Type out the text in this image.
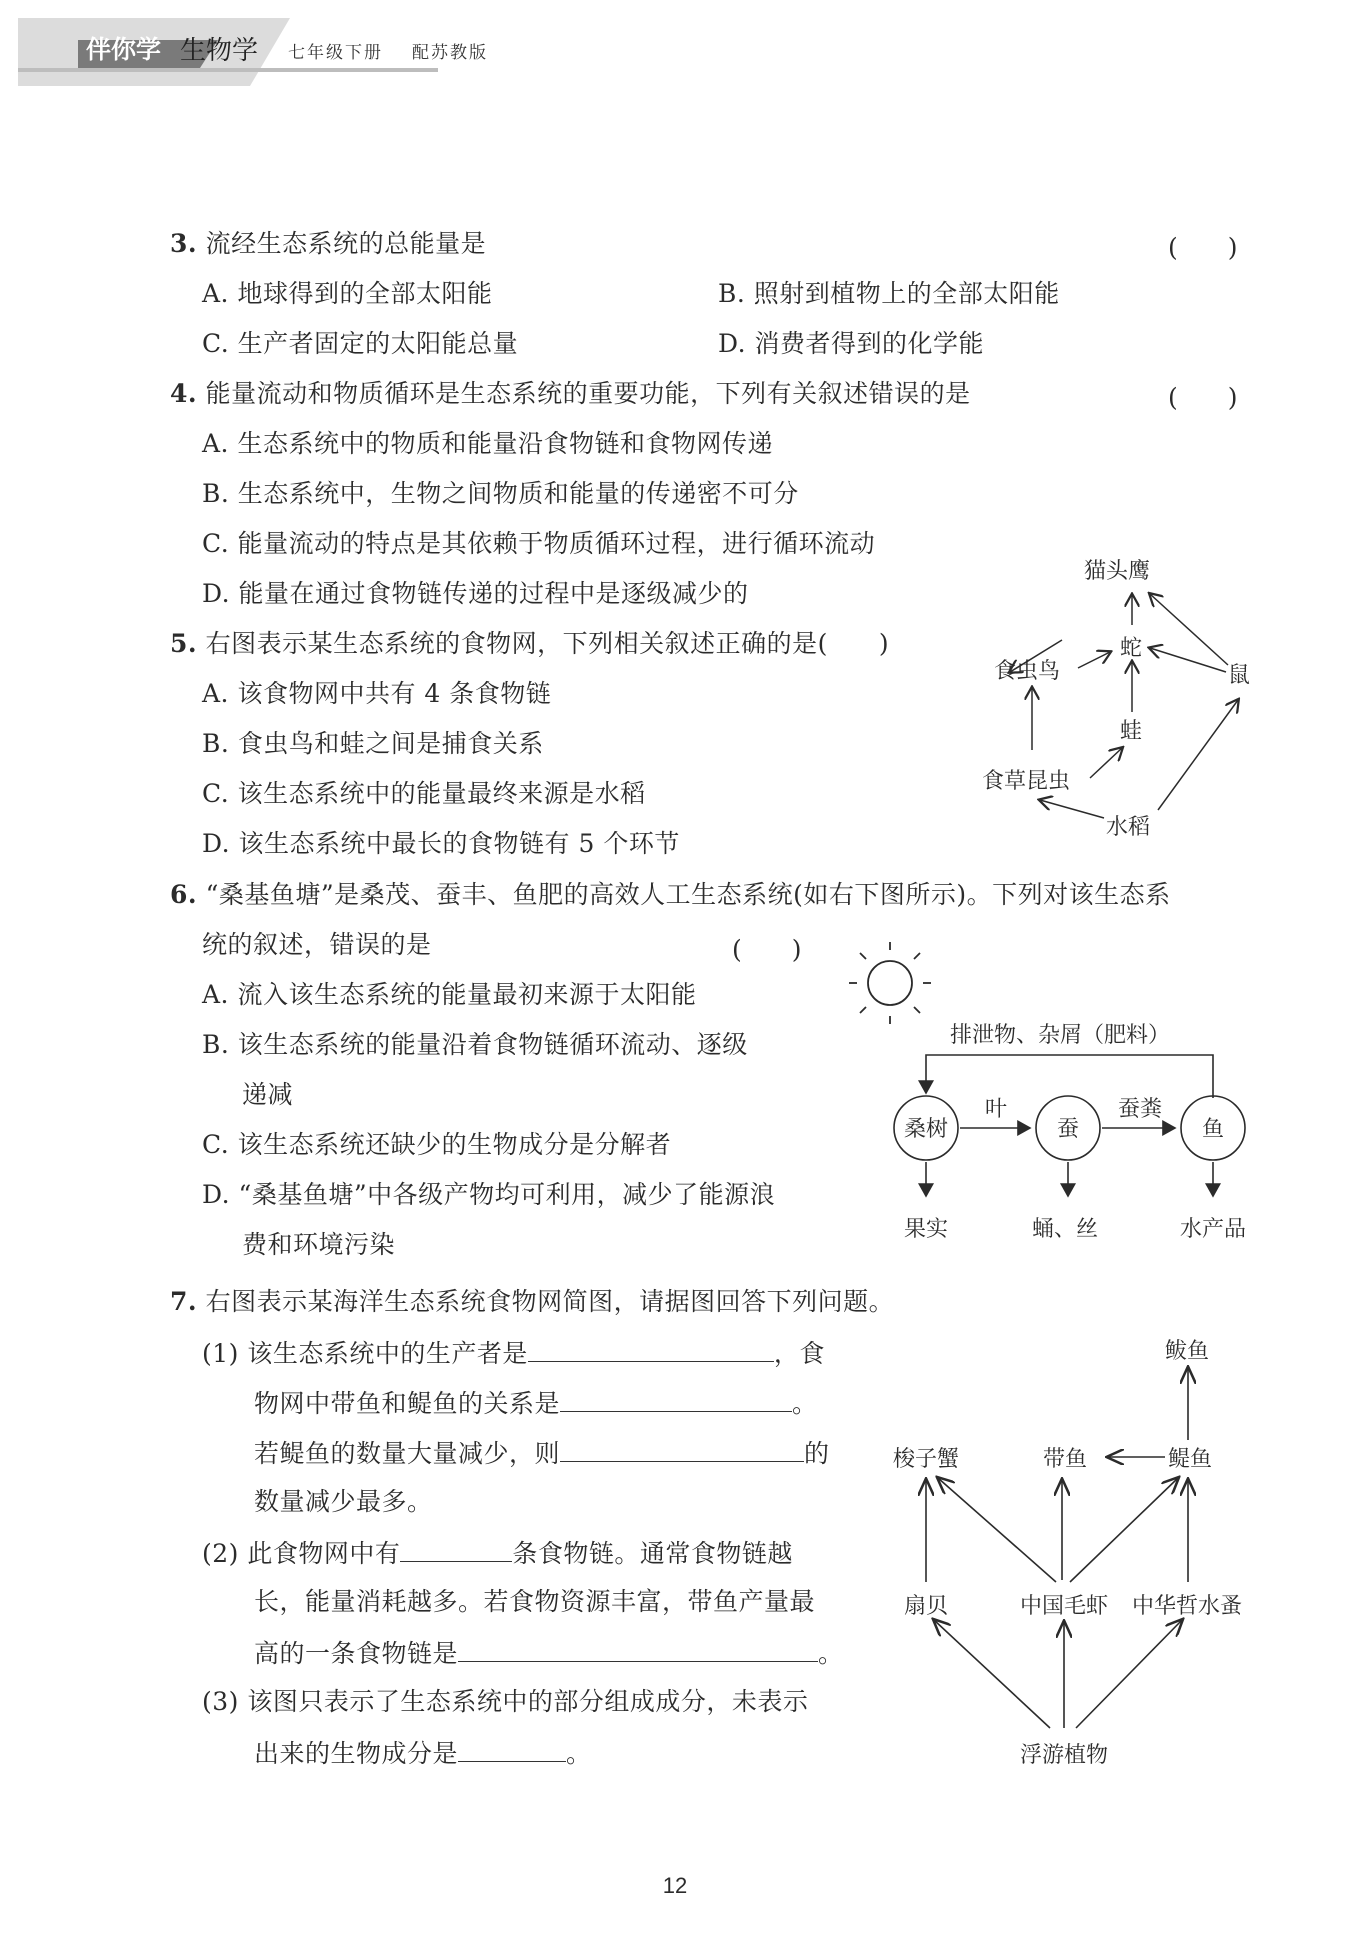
伴你学 生物学 七年级下册 配苏教版
3. 流经生态系统的总能量是	(　　)
A. 地球得到的全部太阳能	B. 照射到植物上的全部太阳能
C. 生产者固定的太阳能总量	D. 消费者得到的化学能
4. 能量流动和物质循环是生态系统的重要功能，下列有关叙述错误的是	(　　)
A. 生态系统中的物质和能量沿食物链和食物网传递
B. 生态系统中，生物之间物质和能量的传递密不可分
C. 能量流动的特点是其依赖于物质循环过程，进行循环流动
D. 能量在通过食物链传递的过程中是逐级减少的
5. 右图表示某生态系统的食物网，下列相关叙述正确的是(　　)
A. 该食物网中共有 4 条食物链
B. 食虫鸟和蛙之间是捕食关系
C. 该生态系统中的能量最终来源是水稻
D. 该生态系统中最长的食物链有 5 个环节
猫头鹰
食虫鸟
蛇
鼠
蛙
食草昆虫
水稻
6. “桑基鱼塘”是桑茂、蚕丰、鱼肥的高效人工生态系统(如右下图所示)。下列对该生态系
统的叙述，错误的是	(　　)
A. 流入该生态系统的能量最初来源于太阳能
B. 该生态系统的能量沿着食物链循环流动、逐级
递减
C. 该生态系统还缺少的生物成分是分解者
D. “桑基鱼塘”中各级产物均可利用，减少了能源浪
费和环境污染
排泄物、杂屑（肥料）
桑树	蚕	鱼
叶	蚕粪
果实	蛹、丝	水产品
7. 右图表示某海洋生态系统食物网简图，请据图回答下列问题。
(1) 该生态系统中的生产者是	，食
物网中带鱼和鳀鱼的关系是	。
若鳀鱼的数量大量减少，则	的
数量减少最多。
(2) 此食物网中有	条食物链。通常食物链越
长，能量消耗越多。若食物资源丰富，带鱼产量最
高的一条食物链是	。
(3) 该图只表示了生态系统中的部分组成成分，未表示
出来的生物成分是	。
鲅鱼
梭子蟹	带鱼	鳀鱼
扇贝	中国毛虾 中华哲水蚤
浮游植物
12
